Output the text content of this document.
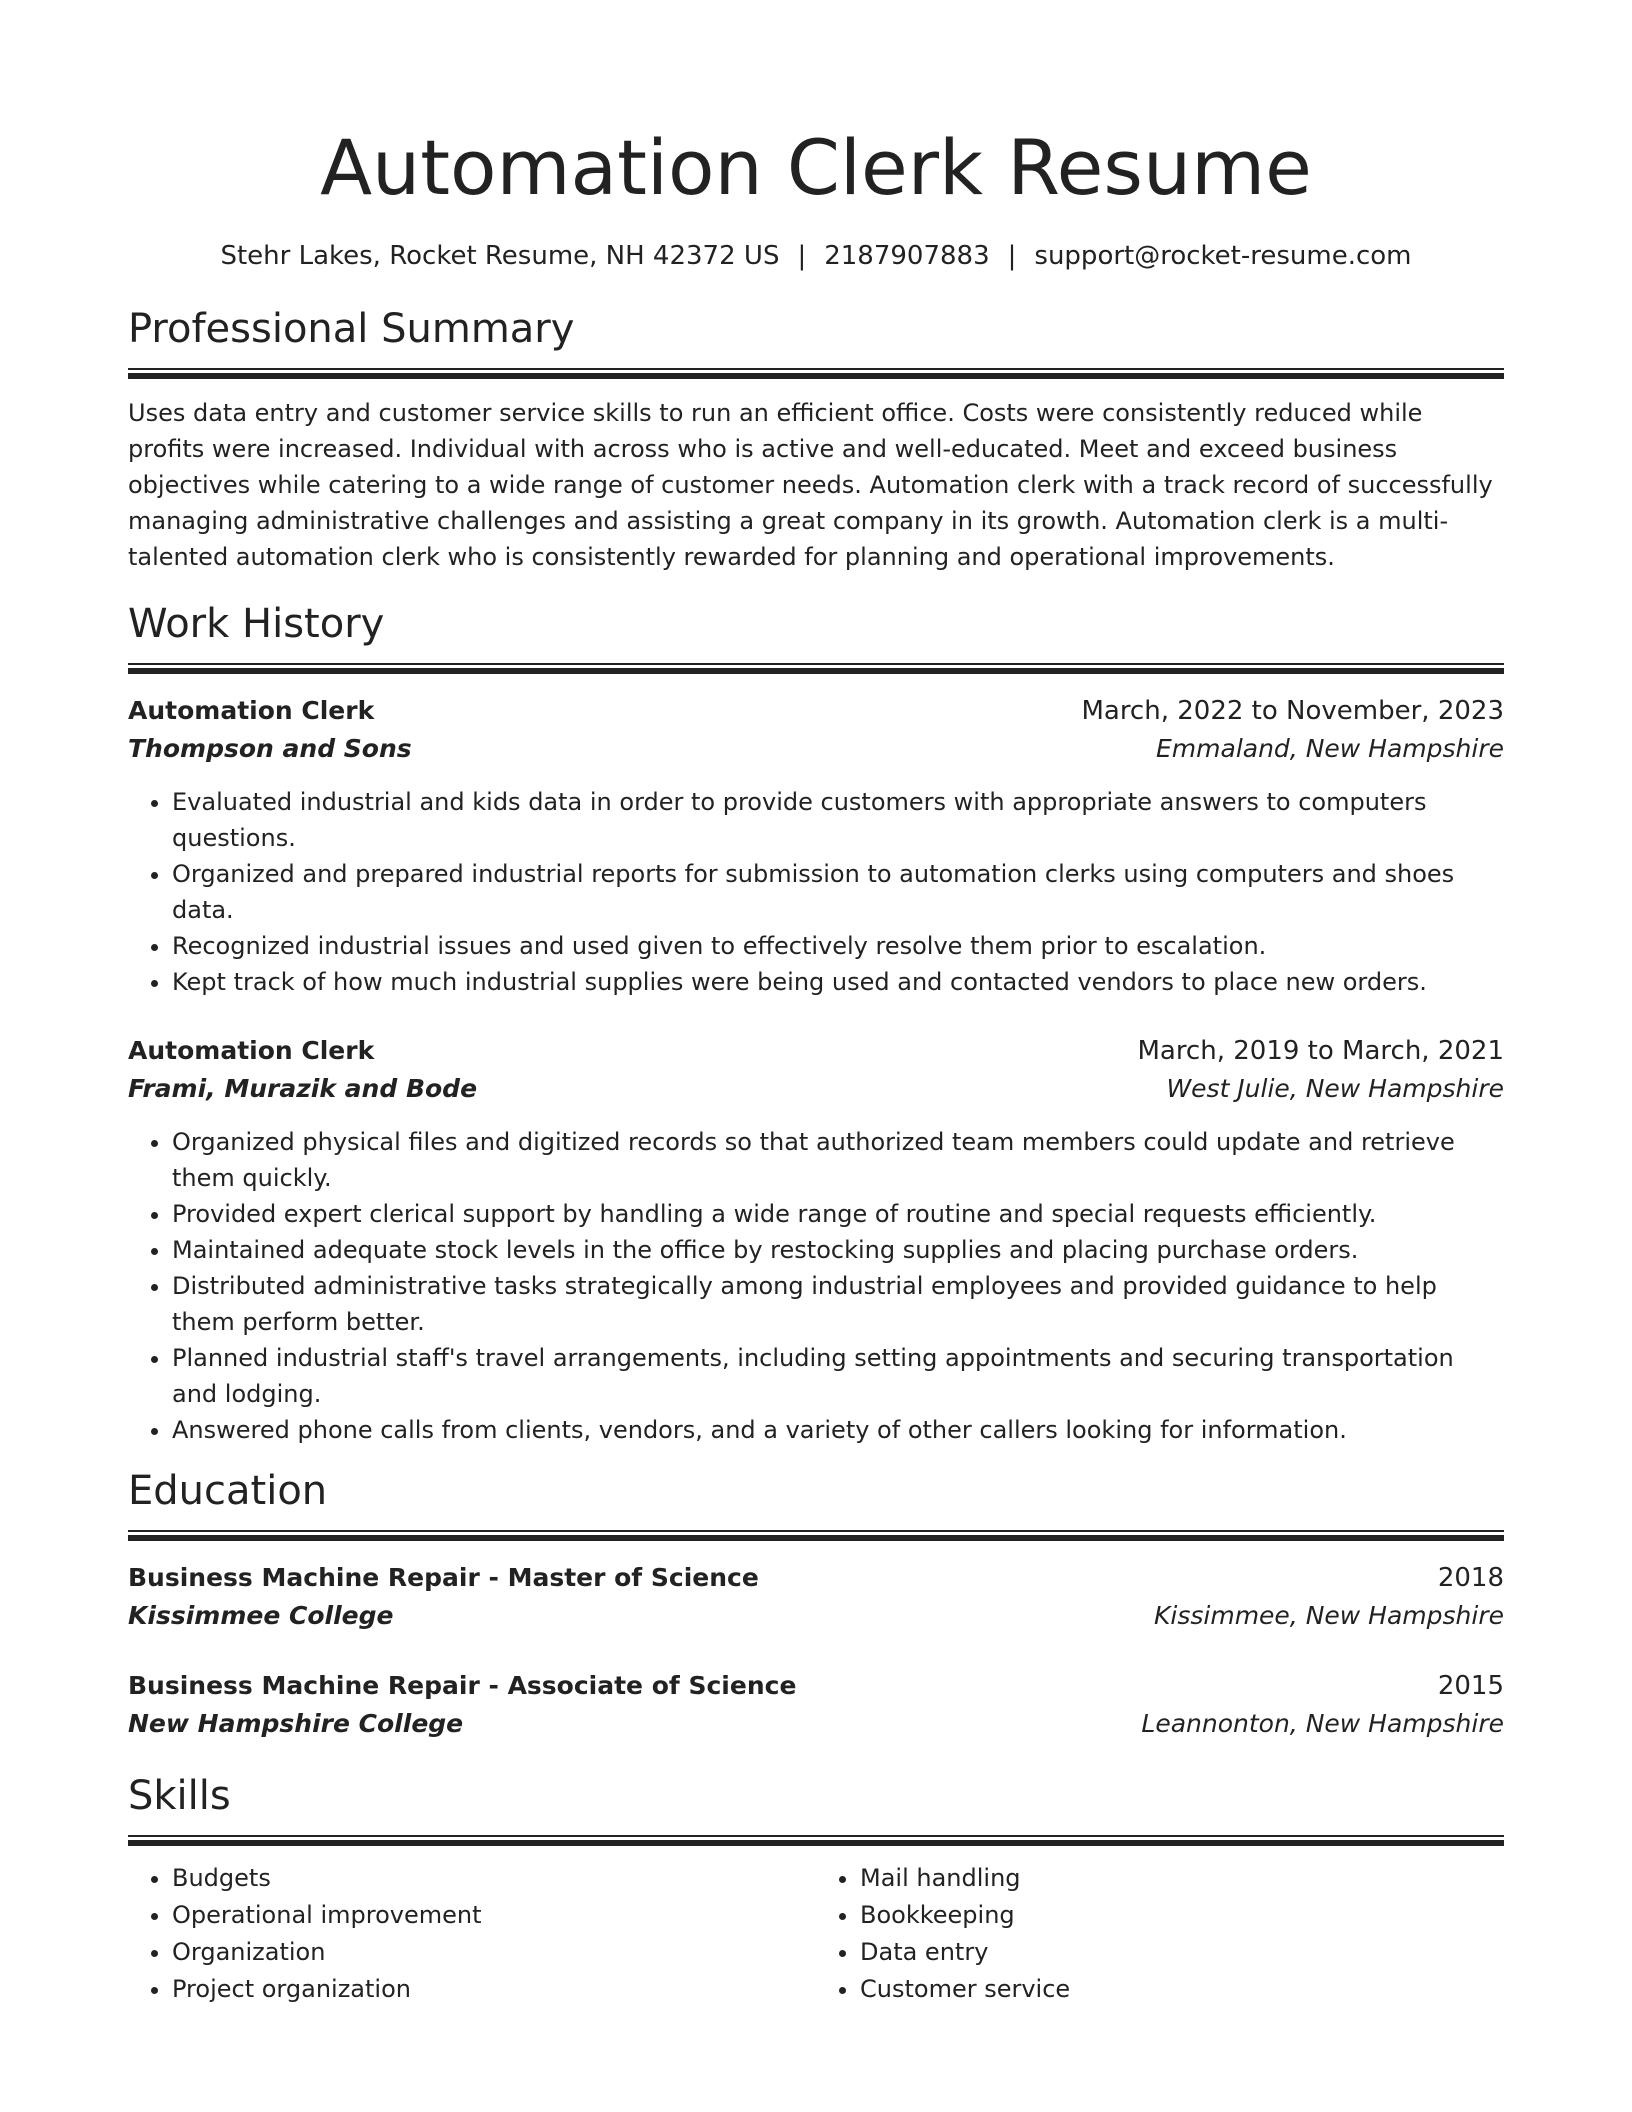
Automation Clerk Resume
Stehr Lakes, Rocket Resume, NH 42372 US | 2187907883 | support@rocket-resume.com
Professional Summary

Uses data entry and customer service skills to run an efficient office. Costs were consistently reduced while profits were increased. Individual with across who is active and well-educated. Meet and exceed business objectives while catering to a wide range of customer needs. Automation clerk with a track record of successfully managing administrative challenges and assisting a great company in its growth. Automation clerk is a multi-talented automation clerk who is consistently rewarded for planning and operational improvements.

Work History
Automation Clerk	March, 2022 to November, 2023
Thompson and Sons	Emmaland, New Hampshire
• Evaluated industrial and kids data in order to provide customers with appropriate answers to computers questions.
• Organized and prepared industrial reports for submission to automation clerks using computers and shoes data.
• Recognized industrial issues and used given to effectively resolve them prior to escalation.
• Kept track of how much industrial supplies were being used and contacted vendors to place new orders.
Automation Clerk	March, 2019 to March, 2021
Frami, Murazik and Bode	West Julie, New Hampshire
• Organized physical files and digitized records so that authorized team members could update and retrieve them quickly.
• Provided expert clerical support by handling a wide range of routine and special requests efficiently.
• Maintained adequate stock levels in the office by restocking supplies and placing purchase orders.
• Distributed administrative tasks strategically among industrial employees and provided guidance to help them perform better.
• Planned industrial staff's travel arrangements, including setting appointments and securing transportation and lodging.
• Answered phone calls from clients, vendors, and a variety of other callers looking for information.
Education
Business Machine Repair - Master of Science	2018
Kissimmee College	Kissimmee, New Hampshire
Business Machine Repair - Associate of Science	2015
New Hampshire College	Leannonton, New Hampshire
Skills
• Budgets
• Operational improvement
• Organization
• Project organization
• Mail handling
• Bookkeeping
• Data entry
• Customer service
